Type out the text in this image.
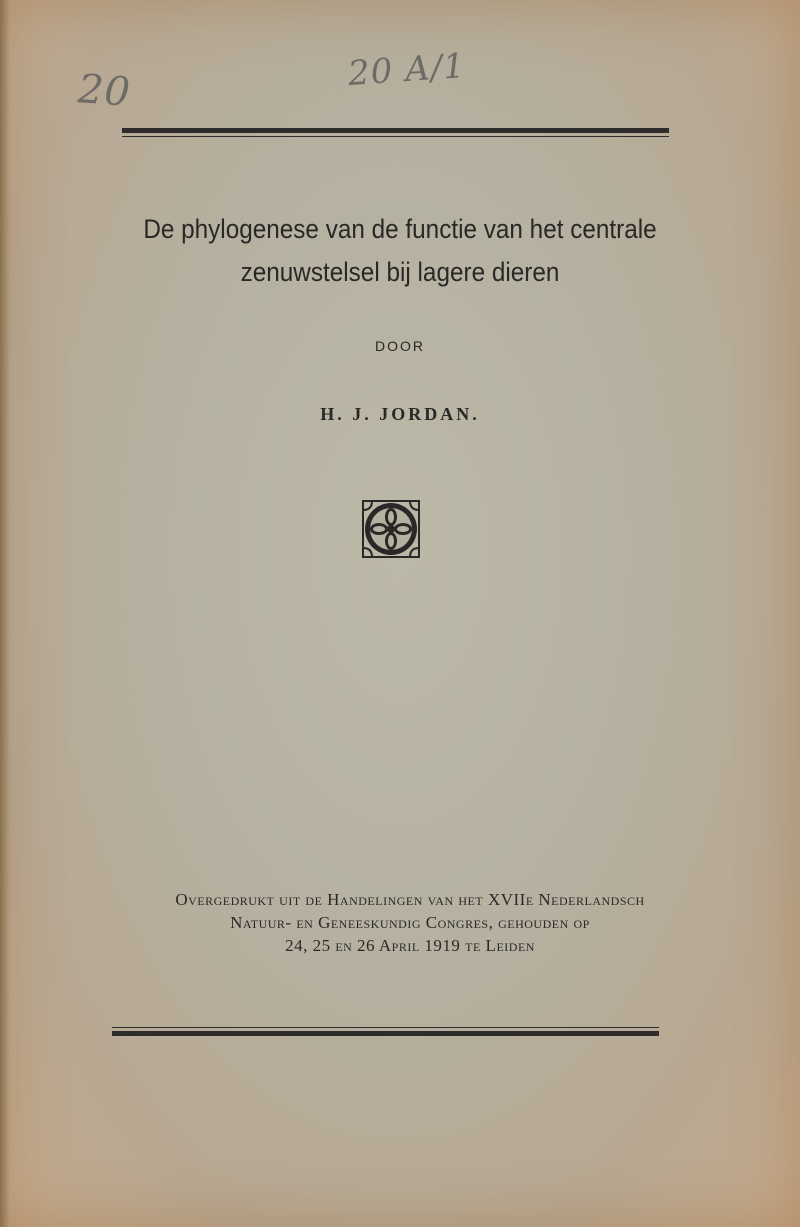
20	20 A/1
De phylogenese van de functie van het centrale
zenuwstelsel bij lagere dieren
DOOR
H. J. JORDAN.
Overgedrukt uit de Handelingen van het XVIIe Nederlandsch
Natuur- en Geneeskundig Congres, gehouden op
24, 25 en 26 April 1919 te Leiden
